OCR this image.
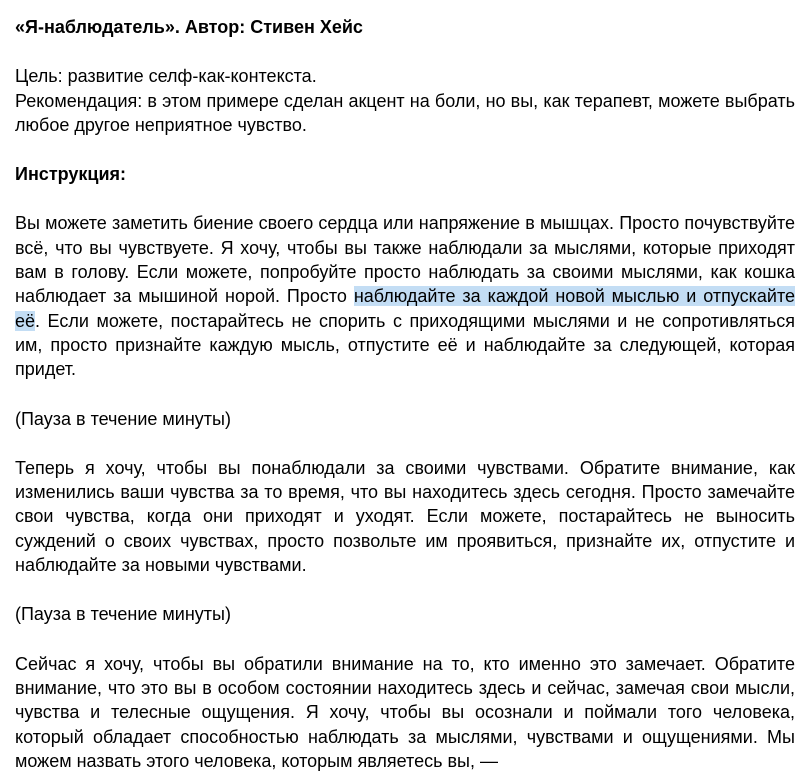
«Я-наблюдатель». Автор: Стивен Хейс

Цель: развитие селф-как-контекста.

Рекомендация: в этом примере сделан акцент на боли, но вы, как терапевт, можете выбрать любое другое неприятное чувство.

Инструкция:

Вы можете заметить биение своего сердца или напряжение в мышцах. Просто почувствуйте всё, что вы чувствуете. Я хочу, чтобы вы также наблюдали за мыслями, которые приходят вам в голову. Если можете, попробуйте просто наблюдать за своими мыслями, как кошка наблюдает за мышиной норой. Просто наблюдайте за каждой новой мыслью и отпускайте её. Если можете, постарайтесь не спорить с приходящими мыслями и не сопротивляться им, просто признайте каждую мысль, отпустите её и наблюдайте за следующей, которая придет.

(Пауза в течение минуты)

Теперь я хочу, чтобы вы понаблюдали за своими чувствами. Обратите внимание, как изменились ваши чувства за то время, что вы находитесь здесь сегодня. Просто замечайте свои чувства, когда они приходят и уходят. Если можете, постарайтесь не выносить суждений о своих чувствах, просто позвольте им проявиться, признайте их, отпустите и наблюдайте за новыми чувствами.

(Пауза в течение минуты)

Сейчас я хочу, чтобы вы обратили внимание на то, кто именно это замечает. Обратите внимание, что это вы в особом состоянии находитесь здесь и сейчас, замечая свои мысли, чувства и телесные ощущения. Я хочу, чтобы вы осознали и поймали того человека, который обладает способностью наблюдать за мыслями, чувствами и ощущениями. Мы можем назвать этого человека, которым являетесь вы, —
